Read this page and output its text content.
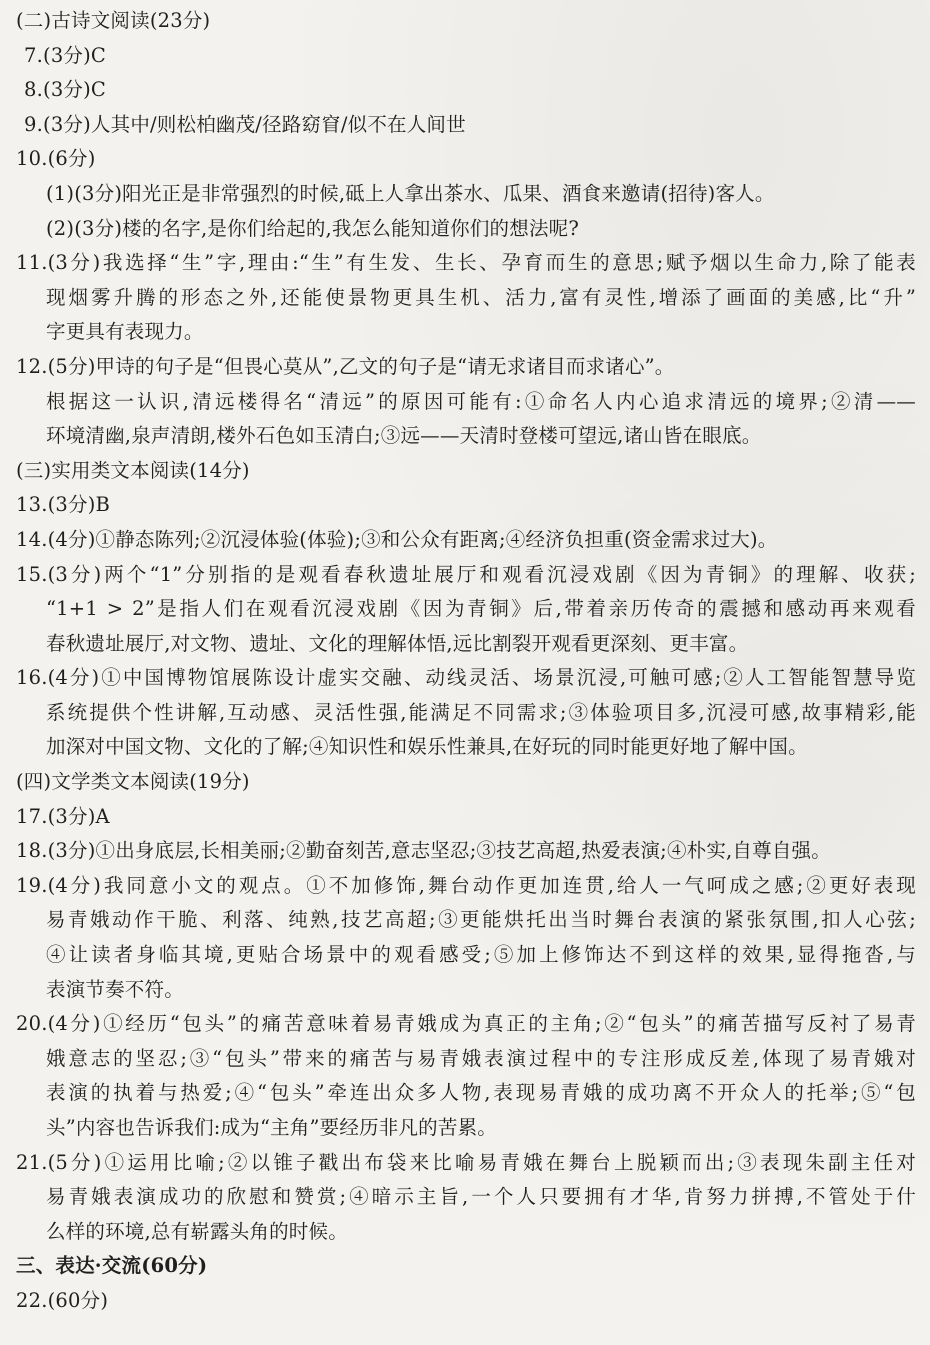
(二)古诗文阅读(23分)
7.(3分)C
8.(3分)C
9.(3分)人其中/则松柏幽茂/径路窈窅/似不在人间世
10.(6分)
(1)(3分)阳光正是非常强烈的时候,砥上人拿出茶水、瓜果、酒食来邀请(招待)客人。
(2)(3分)楼的名字,是你们给起的,我怎么能知道你们的想法呢?
11.(3分)我选择“生”字,理由:“生”有生发、生长、孕育而生的意思;赋予烟以生命力,除了能表
现烟雾升腾的形态之外,还能使景物更具生机、活力,富有灵性,增添了画面的美感,比“升”
字更具有表现力。
12.(5分)甲诗的句子是“但畏心莫从”,乙文的句子是“请无求诸目而求诸心”。
根据这一认识,清远楼得名“清远”的原因可能有:①命名人内心追求清远的境界;②清——
环境清幽,泉声清朗,楼外石色如玉清白;③远——天清时登楼可望远,诸山皆在眼底。
(三)实用类文本阅读(14分)
13.(3分)B
14.(4分)①静态陈列;②沉浸体验(体验);③和公众有距离;④经济负担重(资金需求过大)。
15.(3分)两个“1”分别指的是观看春秋遗址展厅和观看沉浸戏剧《因为青铜》的理解、收获;
“1+1 > 2”是指人们在观看沉浸戏剧《因为青铜》后,带着亲历传奇的震撼和感动再来观看
春秋遗址展厅,对文物、遗址、文化的理解体悟,远比割裂开观看更深刻、更丰富。
16.(4分)①中国博物馆展陈设计虚实交融、动线灵活、场景沉浸,可触可感;②人工智能智慧导览
系统提供个性讲解,互动感、灵活性强,能满足不同需求;③体验项目多,沉浸可感,故事精彩,能
加深对中国文物、文化的了解;④知识性和娱乐性兼具,在好玩的同时能更好地了解中国。
(四)文学类文本阅读(19分)
17.(3分)A
18.(3分)①出身底层,长相美丽;②勤奋刻苦,意志坚忍;③技艺高超,热爱表演;④朴实,自尊自强。
19.(4分)我同意小文的观点。①不加修饰,舞台动作更加连贯,给人一气呵成之感;②更好表现
易青娥动作干脆、利落、纯熟,技艺高超;③更能烘托出当时舞台表演的紧张氛围,扣人心弦;
④让读者身临其境,更贴合场景中的观看感受;⑤加上修饰达不到这样的效果,显得拖沓,与
表演节奏不符。
20.(4分)①经历“包头”的痛苦意味着易青娥成为真正的主角;②“包头”的痛苦描写反衬了易青
娥意志的坚忍;③“包头”带来的痛苦与易青娥表演过程中的专注形成反差,体现了易青娥对
表演的执着与热爱;④“包头”牵连出众多人物,表现易青娥的成功离不开众人的托举;⑤“包
头”内容也告诉我们:成为“主角”要经历非凡的苦累。
21.(5分)①运用比喻;②以锥子戳出布袋来比喻易青娥在舞台上脱颖而出;③表现朱副主任对
易青娥表演成功的欣慰和赞赏;④暗示主旨,一个人只要拥有才华,肯努力拼搏,不管处于什
么样的环境,总有崭露头角的时候。
三、表达·交流(60分)
22.(60分)
